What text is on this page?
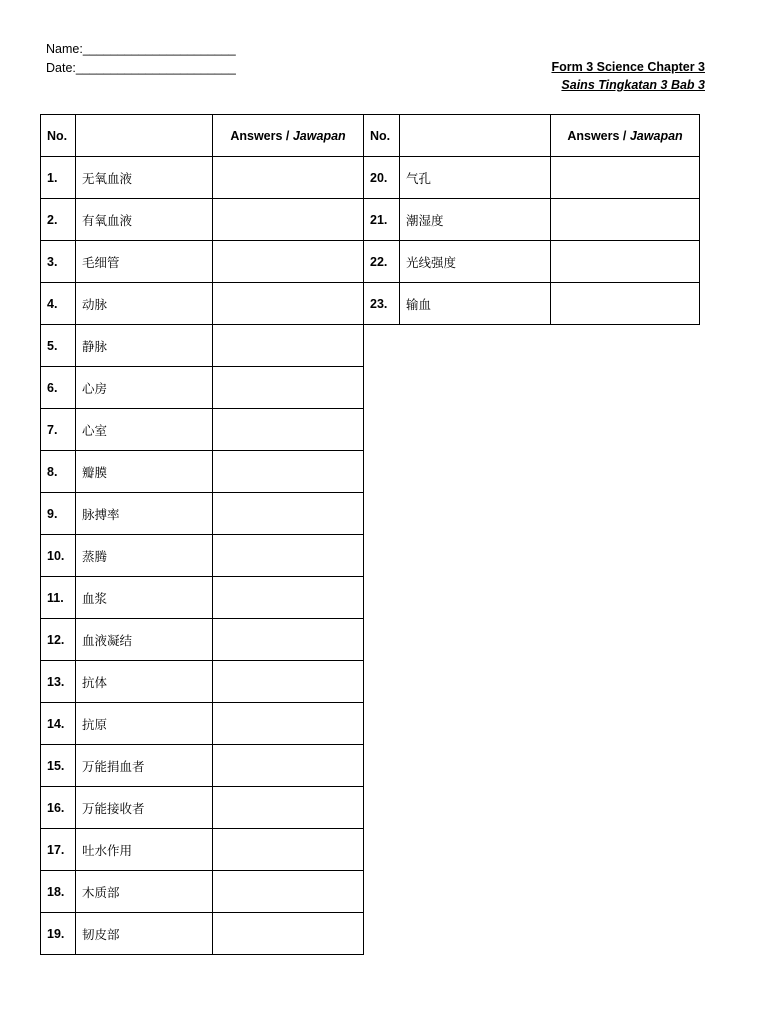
Name:______________________
Date:_______________________	Form 3 Science Chapter 3
Sains Tingkatan 3 Bab 3
No.		Answers / Jawapan
1.	无氧血液	
2.	有氧血液	
3.	毛细管	
4.	动脉	
5.	静脉	
6.	心房	
7.	心室	
8.	瓣膜	
9.	脉搏率	
10.	蒸腾	
11.	血浆	
12.	血液凝结	
13.	抗体	
14.	抗原	
15.	万能捐血者	
16.	万能接收者	
17.	吐水作用	
18.	木质部	
19.	韧皮部	
No.		Answers / Jawapan
20.	气孔	
21.	潮湿度	
22.	光线强度	
23.	输血	
